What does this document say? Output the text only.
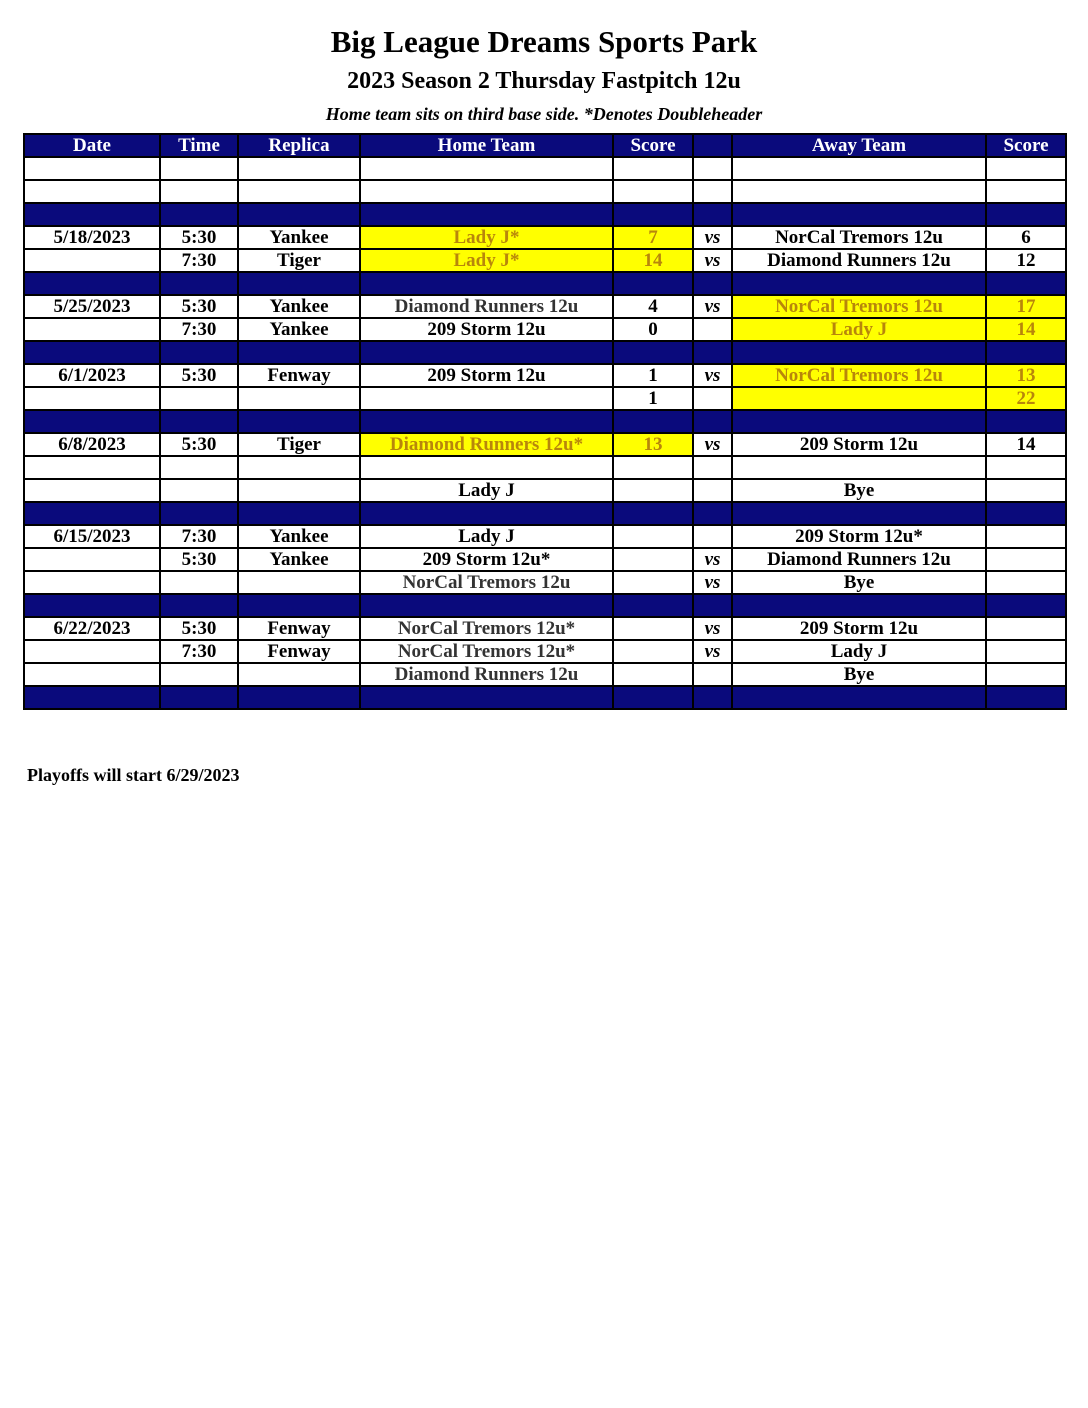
Big League Dreams Sports Park
2023 Season 2 Thursday Fastpitch 12u
Home team sits on third base side. *Denotes Doubleheader
Date	Time	Replica	Home Team	Score		Away Team	Score

5/18/2023	5:30	Yankee	Lady J*	7	vs	NorCal Tremors 12u	6
	7:30	Tiger	Lady J*	14	vs	Diamond Runners 12u	12

5/25/2023	5:30	Yankee	Diamond Runners 12u	4	vs	NorCal Tremors 12u	17
	7:30	Yankee	209 Storm 12u	0		Lady J	14

6/1/2023	5:30	Fenway	209 Storm 12u	1	vs	NorCal Tremors 12u	13
				1			22

6/8/2023	5:30	Tiger	Diamond Runners 12u*	13	vs	209 Storm 12u	14

			Lady J			Bye	

6/15/2023	7:30	Yankee	Lady J			209 Storm 12u*	
	5:30	Yankee	209 Storm 12u*		vs	Diamond Runners 12u	
			NorCal Tremors 12u		vs	Bye	

6/22/2023	5:30	Fenway	NorCal Tremors 12u*		vs	209 Storm 12u	
	7:30	Fenway	NorCal Tremors 12u*		vs	Lady J	
			Diamond Runners 12u			Bye	

Playoffs will start 6/29/2023
